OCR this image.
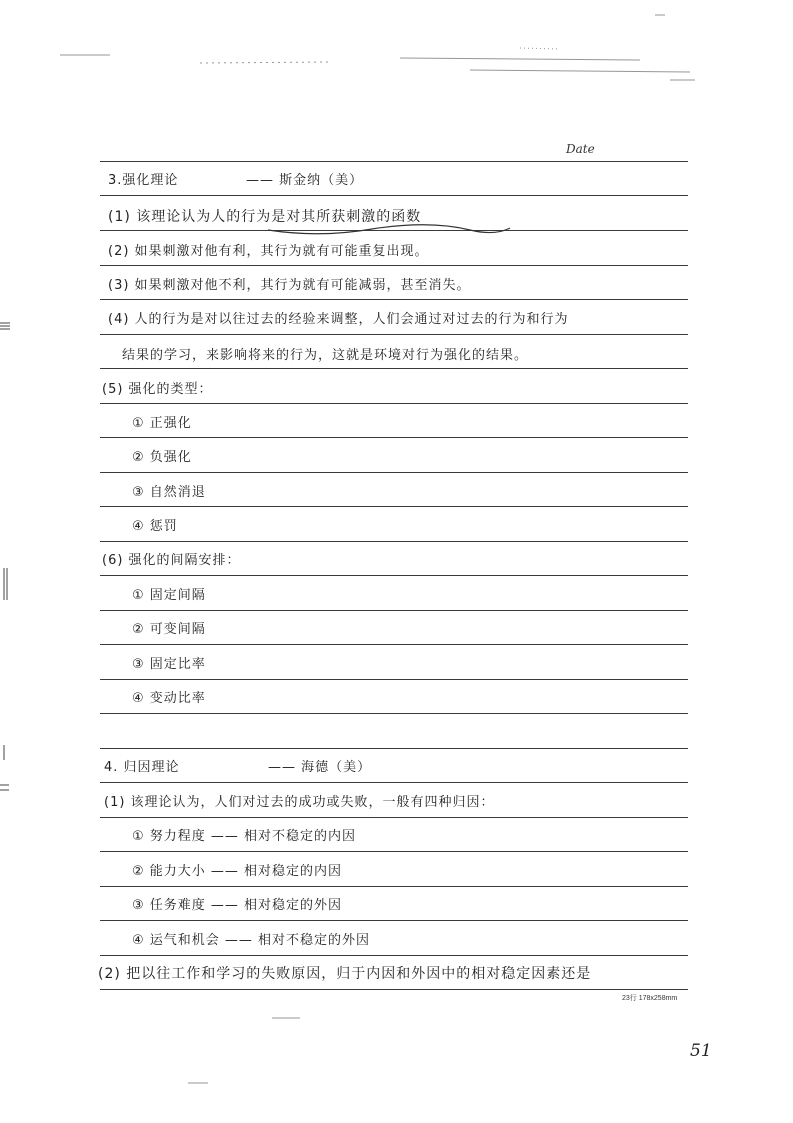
Date
3.强化理论	—— 斯金纳（美）
(1) 该理论认为人的行为是对其所获刺激的函数
(2) 如果刺激对他有利，其行为就有可能重复出现。
(3) 如果刺激对他不利，其行为就有可能减弱，甚至消失。
(4) 人的行为是对以往过去的经验来调整，人们会通过对过去的行为和行为
结果的学习，来影响将来的行为，这就是环境对行为强化的结果。
(5) 强化的类型：
① 正强化
② 负强化
③ 自然消退
④ 惩罚
(6) 强化的间隔安排：
① 固定间隔
② 可变间隔
③ 固定比率
④ 变动比率
4. 归因理论	—— 海德（美）
(1) 该理论认为，人们对过去的成功或失败，一般有四种归因：
① 努力程度 —— 相对不稳定的内因
② 能力大小 —— 相对稳定的内因
③ 任务难度 —— 相对稳定的外因
④ 运气和机会 —— 相对不稳定的外因
(2) 把以往工作和学习的失败原因，归于内因和外因中的相对稳定因素还是
23行 178x258mm
51
